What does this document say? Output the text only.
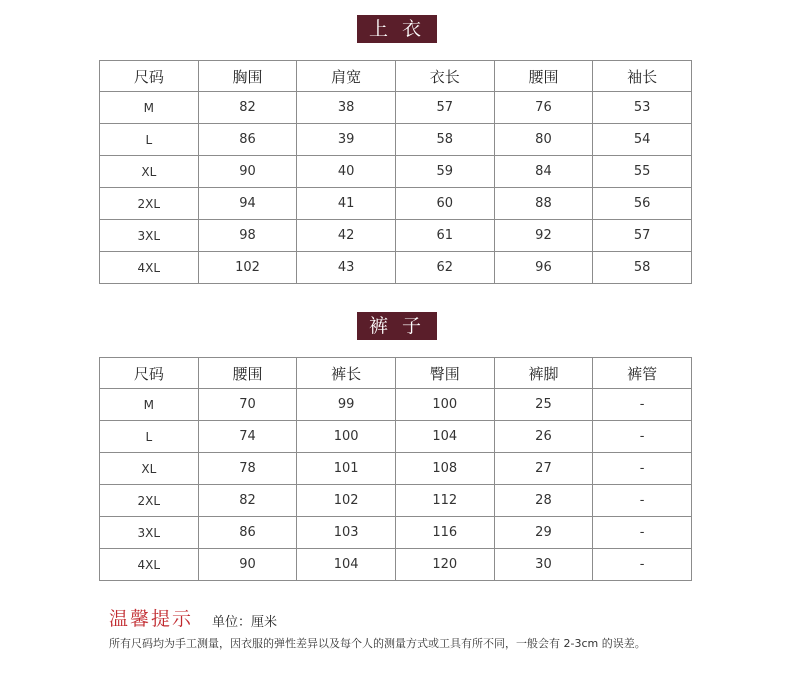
上 衣
尺码	胸围	肩宽	衣长	腰围	袖长
M	82	38	57	76	53
L	86	39	58	80	54
XL	90	40	59	84	55
2XL	94	41	60	88	56
3XL	98	42	61	92	57
4XL	102	43	62	96	58
裤 子
尺码	腰围	裤长	臀围	裤脚	裤管
M	70	99	100	25	-
L	74	100	104	26	-
XL	78	101	108	27	-
2XL	82	102	112	28	-
3XL	86	103	116	29	-
4XL	90	104	120	30	-
温馨提示 单位：厘米
所有尺码均为手工测量，因衣服的弹性差异以及每个人的测量方式或工具有所不同，一般会有 2-3cm 的误差。
